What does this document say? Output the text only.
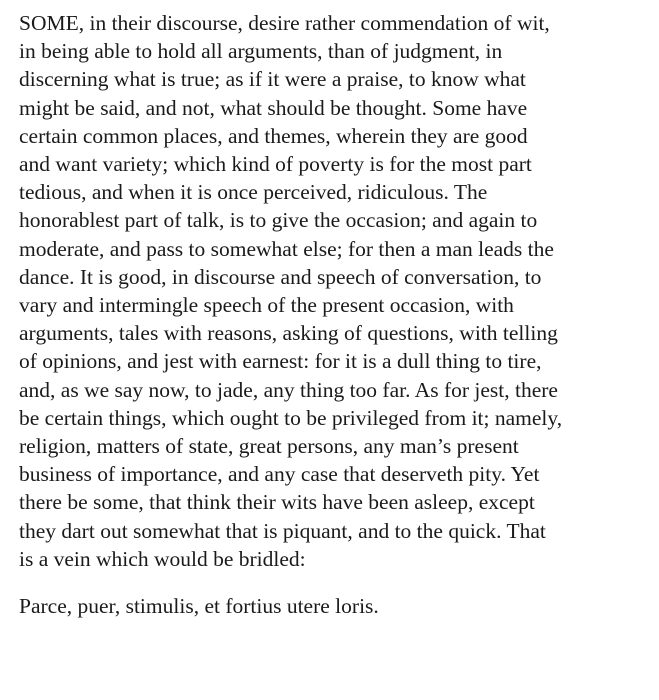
SOME, in their discourse, desire rather commendation of wit,
in being able to hold all arguments, than of judgment, in
discerning what is true; as if it were a praise, to know what
might be said, and not, what should be thought. Some have
certain common places, and themes, wherein they are good
and want variety; which kind of poverty is for the most part
tedious, and when it is once perceived, ridiculous. The
honorablest part of talk, is to give the occasion; and again to
moderate, and pass to somewhat else; for then a man leads the
dance. It is good, in discourse and speech of conversation, to
vary and intermingle speech of the present occasion, with
arguments, tales with reasons, asking of questions, with telling
of opinions, and jest with earnest: for it is a dull thing to tire,
and, as we say now, to jade, any thing too far. As for jest, there
be certain things, which ought to be privileged from it; namely,
religion, matters of state, great persons, any man’s present
business of importance, and any case that deserveth pity. Yet
there be some, that think their wits have been asleep, except
they dart out somewhat that is piquant, and to the quick. That
is a vein which would be bridled:
Parce, puer, stimulis, et fortius utere loris.
